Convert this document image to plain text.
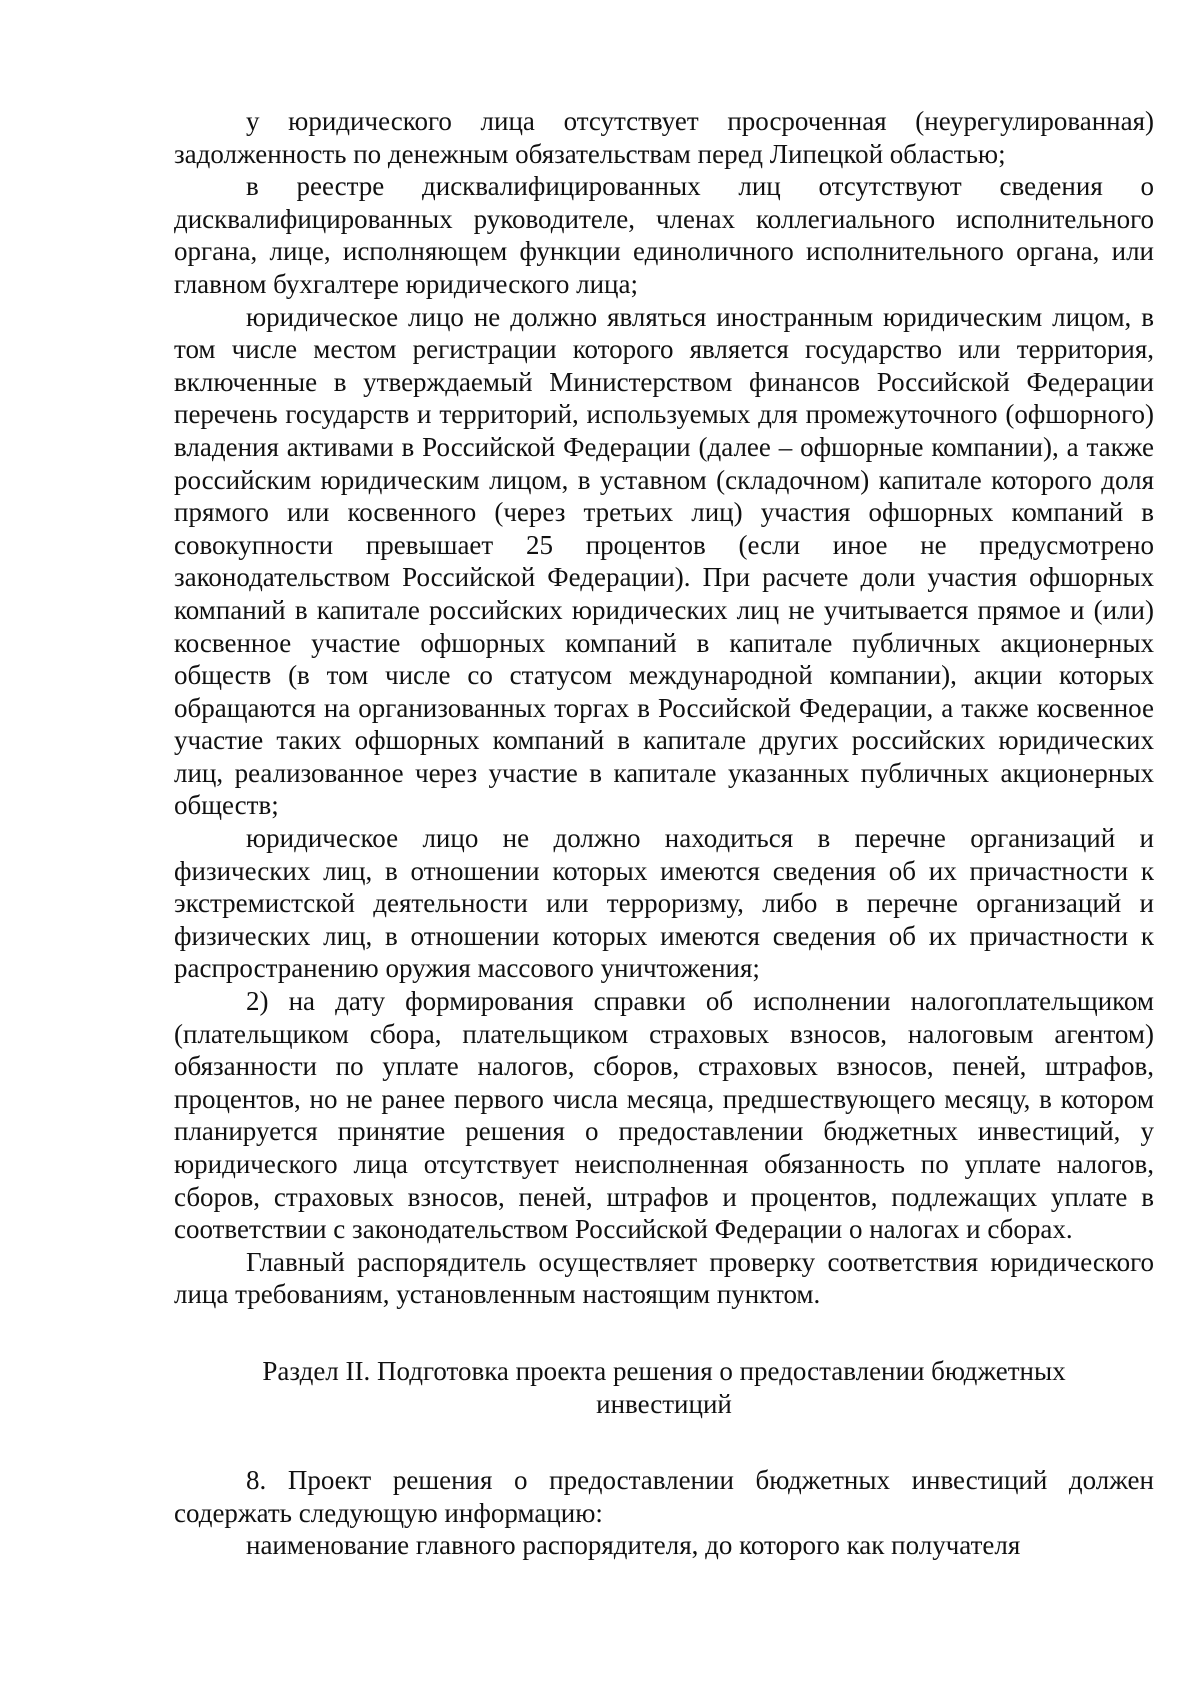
у юридического лица отсутствует просроченная (неурегулированная) задолженность по денежным обязательствам перед Липецкой областью;

в реестре дисквалифицированных лиц отсутствуют сведения о дисквалифицированных руководителе, членах коллегиального исполнительного органа, лице, исполняющем функции единоличного исполнительного органа, или главном бухгалтере юридического лица;

юридическое лицо не должно являться иностранным юридическим лицом, в том числе местом регистрации которого является государство или территория, включенные в утверждаемый Министерством финансов Российской Федерации перечень государств и территорий, используемых для промежуточного (офшорного) владения активами в Российской Федерации (далее – офшорные компании), а также российским юридическим лицом, в уставном (складочном) капитале которого доля прямого или косвенного (через третьих лиц) участия офшорных компаний в совокупности превышает 25 процентов (если иное не предусмотрено законодательством Российской Федерации). При расчете доли участия офшорных компаний в капитале российских юридических лиц не учитывается прямое и (или) косвенное участие офшорных компаний в капитале публичных акционерных обществ (в том числе со статусом международной компании), акции которых обращаются на организованных торгах в Российской Федерации, а также косвенное участие таких офшорных компаний в капитале других российских юридических лиц, реализованное через участие в капитале указанных публичных акционерных обществ;

юридическое лицо не должно находиться в перечне организаций и физических лиц, в отношении которых имеются сведения об их причастности к экстремистской деятельности или терроризму, либо в перечне организаций и физических лиц, в отношении которых имеются сведения об их причастности к распространению оружия массового уничтожения;

2) на дату формирования справки об исполнении налогоплательщиком (плательщиком сбора, плательщиком страховых взносов, налоговым агентом) обязанности по уплате налогов, сборов, страховых взносов, пеней, штрафов, процентов, но не ранее первого числа месяца, предшествующего месяцу, в котором планируется принятие решения о предоставлении бюджетных инвестиций, у юридического лица отсутствует неисполненная обязанность по уплате налогов, сборов, страховых взносов, пеней, штрафов и процентов, подлежащих уплате в соответствии с законодательством Российской Федерации о налогах и сборах.

Главный распорядитель осуществляет проверку соответствия юридического лица требованиям, установленным настоящим пунктом.

Раздел II. Подготовка проекта решения о предоставлении бюджетных инвестиций

8. Проект решения о предоставлении бюджетных инвестиций должен содержать следующую информацию:

наименование главного распорядителя, до которого как получателя
